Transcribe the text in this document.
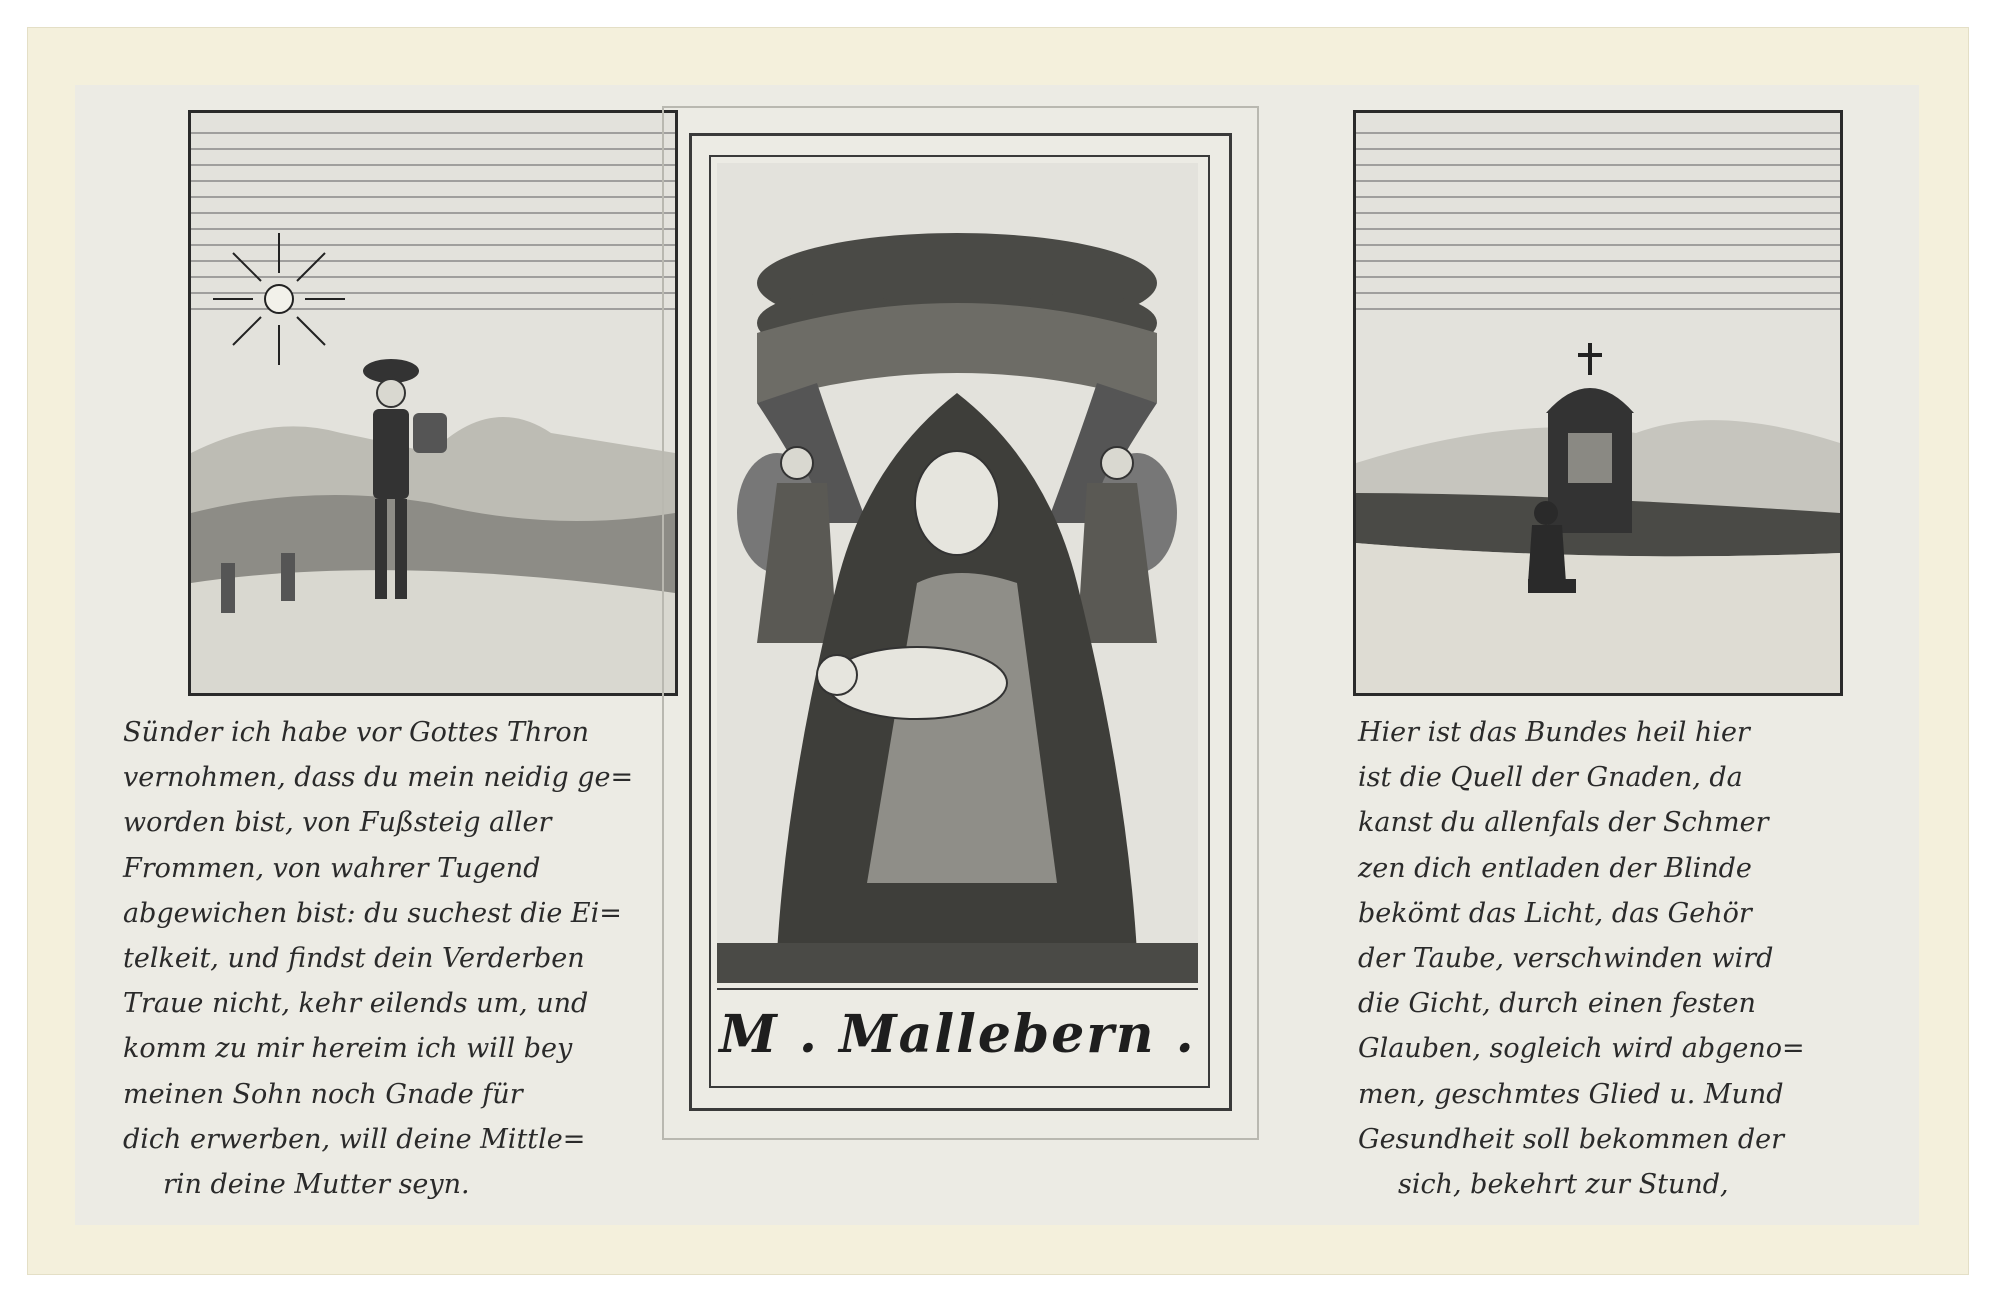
M . Mallebern .
Sünder ich habe vor Gottes Thron
vernohmen, dass du mein neidig ge=
worden bist, von Fußsteig aller
Frommen, von wahrer Tugend
abgewichen bist: du suchest die Ei=
telkeit, und findst dein Verderben
Traue nicht, kehr eilends um, und
komm zu mir hereim ich will bey
meinen Sohn noch Gnade für
dich erwerben, will deine Mittle=
rin deine Mutter seyn.
Hier ist das Bundes heil hier
ist die Quell der Gnaden, da
kanst du allenfals der Schmer
zen dich entladen der Blinde
bekömt das Licht, das Gehör
der Taube, verschwinden wird
die Gicht, durch einen festen
Glauben, sogleich wird abgeno=
men, geschmtes Glied u. Mund
Gesundheit soll bekommen der
sich, bekehrt zur Stund,
